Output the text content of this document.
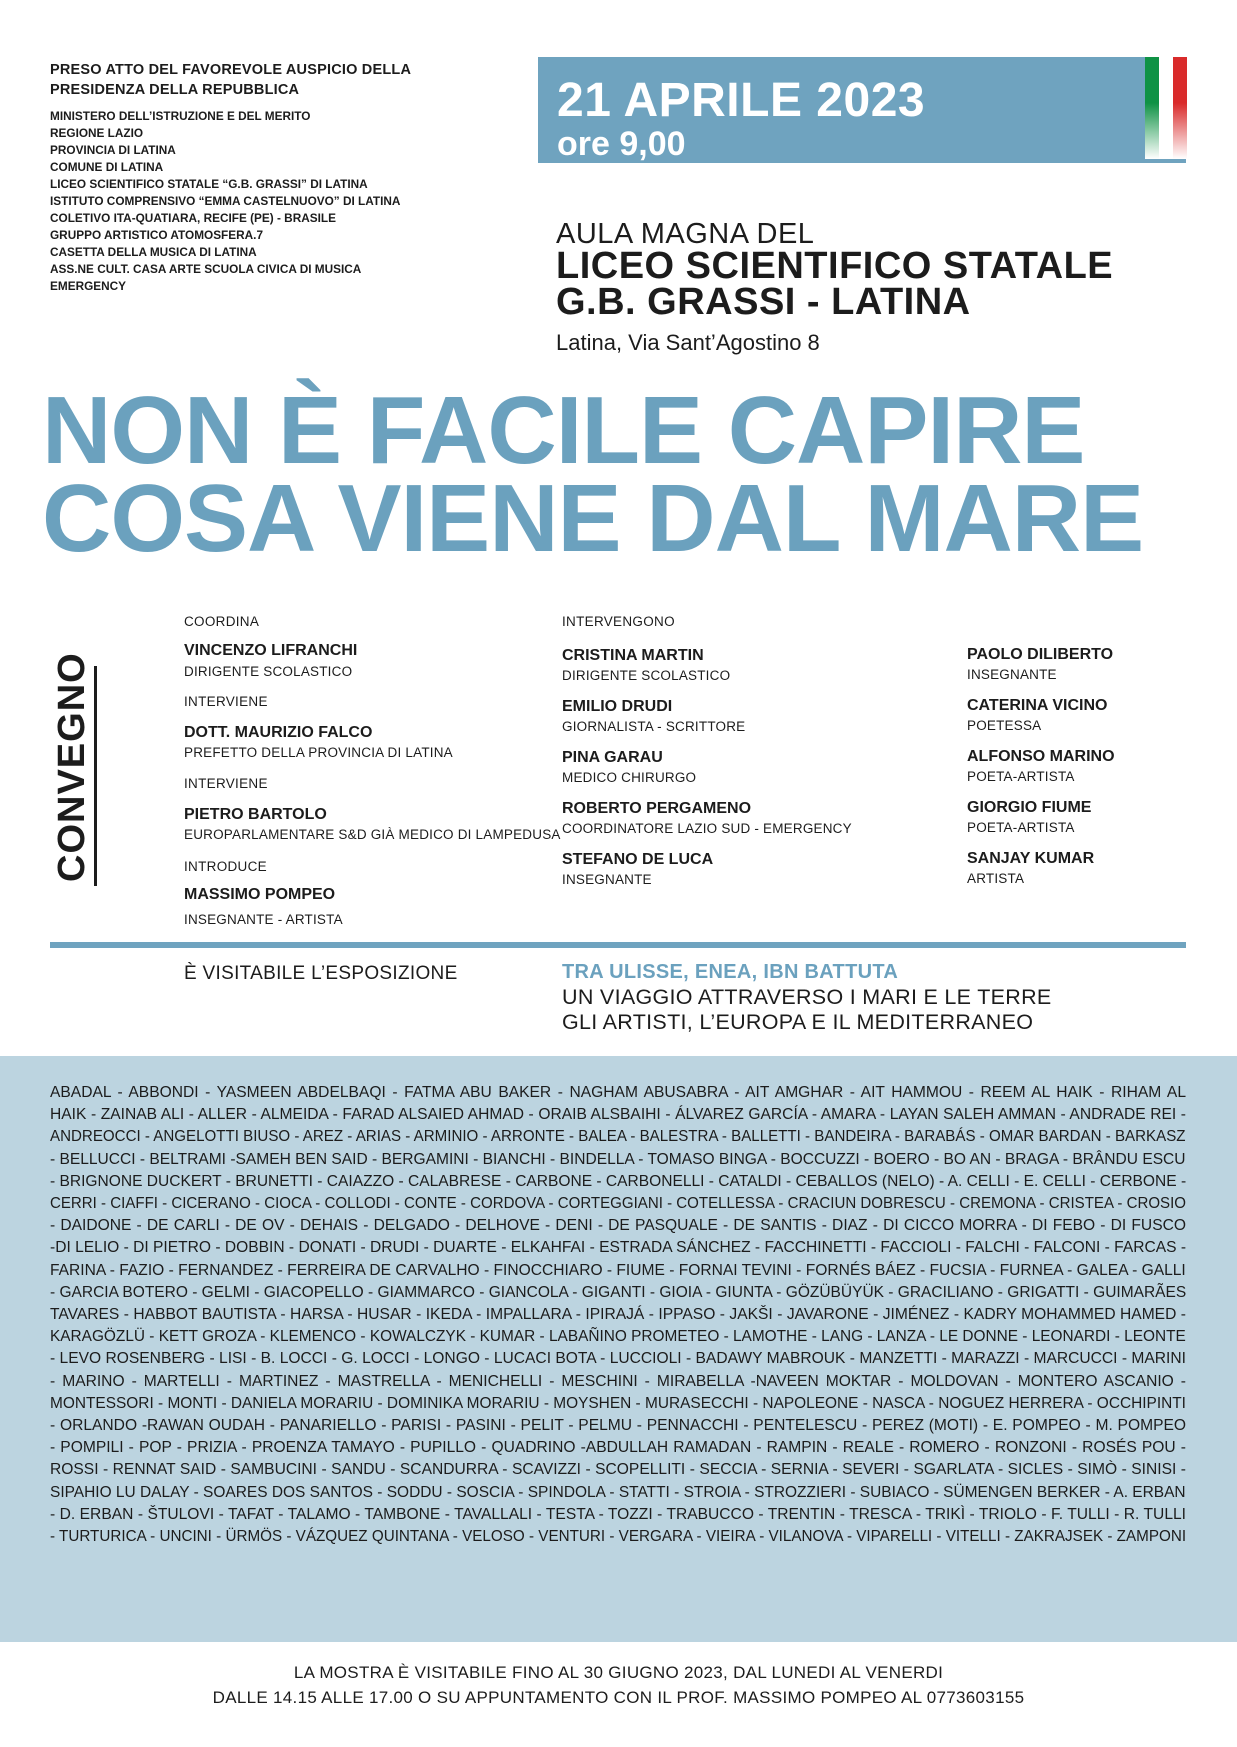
PRESO ATTO DEL FAVOREVOLE AUSPICIO DELLA
PRESIDENZA DELLA REPUBBLICA
MINISTERO DELL’ISTRUZIONE E DEL MERITO
REGIONE LAZIO
PROVINCIA DI LATINA
COMUNE DI LATINA
LICEO SCIENTIFICO STATALE “G.B. GRASSI” DI LATINA
ISTITUTO COMPRENSIVO “EMMA CASTELNUOVO” DI LATINA
COLETIVO ITA-QUATIARA, RECIFE (PE) - BRASILE
GRUPPO ARTISTICO ATOMOSFERA.7
CASETTA DELLA MUSICA DI LATINA
ASS.NE CULT. CASA ARTE SCUOLA CIVICA DI MUSICA
EMERGENCY
21 APRILE 2023
ore 9,00
AULA MAGNA DEL
LICEO SCIENTIFICO STATALE
G.B. GRASSI - LATINA
Latina, Via Sant’Agostino 8
NON È FACILE CAPIRE
COSA VIENE DAL MARE
CONVEGNO
COORDINA
VINCENZO LIFRANCHI
DIRIGENTE SCOLASTICO
INTERVIENE
DOTT. MAURIZIO FALCO
PREFETTO DELLA PROVINCIA DI LATINA
INTERVIENE
PIETRO BARTOLO
EUROPARLAMENTARE S&D GIÀ MEDICO DI LAMPEDUSA
INTRODUCE
MASSIMO POMPEO
INSEGNANTE - ARTISTA
INTERVENGONO
CRISTINA MARTIN
DIRIGENTE SCOLASTICO
EMILIO DRUDI
GIORNALISTA - SCRITTORE
PINA GARAU
MEDICO CHIRURGO
ROBERTO PERGAMENO
COORDINATORE LAZIO SUD - EMERGENCY
STEFANO DE LUCA
INSEGNANTE
PAOLO DILIBERTO
INSEGNANTE
CATERINA VICINO
POETESSA
ALFONSO MARINO
POETA-ARTISTA
GIORGIO FIUME
POETA-ARTISTA
SANJAY KUMAR
ARTISTA
È VISITABILE L’ESPOSIZIONE	TRA ULISSE, ENEA, IBN BATTUTA
UN VIAGGIO ATTRAVERSO I MARI E LE TERRE
GLI ARTISTI, L’EUROPA E IL MEDITERRANEO
ABADAL - ABBONDI - YASMEEN ABDELBAQI - FATMA ABU BAKER - NAGHAM ABUSABRA - AIT AMGHAR - AIT HAMMOU - REEM AL HAIK - RIHAM AL
HAIK - ZAINAB ALI - ALLER - ALMEIDA - FARAD ALSAIED AHMAD - ORAIB ALSBAIHI - ÁLVAREZ GARCÍA - AMARA - LAYAN SALEH AMMAN - ANDRADE REI -
ANDREOCCI - ANGELOTTI BIUSO - AREZ - ARIAS - ARMINIO - ARRONTE - BALEA - BALESTRA - BALLETTI - BANDEIRA - BARABÁS - OMAR BARDAN - BARKASZ
- BELLUCCI - BELTRAMI -SAMEH BEN SAID - BERGAMINI - BIANCHI - BINDELLA - TOMASO BINGA - BOCCUZZI - BOERO - BO AN - BRAGA - BRÂNDU ESCU
- BRIGNONE DUCKERT - BRUNETTI - CAIAZZO - CALABRESE - CARBONE - CARBONELLI - CATALDI - CEBALLOS (NELO) - A. CELLI - E. CELLI - CERBONE -
CERRI - CIAFFI - CICERANO - CIOCA - COLLODI - CONTE - CORDOVA - CORTEGGIANI - COTELLESSA - CRACIUN DOBRESCU - CREMONA - CRISTEA - CROSIO
- DAIDONE - DE CARLI - DE OV - DEHAIS - DELGADO - DELHOVE - DENI - DE PASQUALE - DE SANTIS - DIAZ - DI CICCO MORRA - DI FEBO - DI FUSCO
-DI LELIO - DI PIETRO - DOBBIN - DONATI - DRUDI - DUARTE - ELKAHFAI - ESTRADA SÁNCHEZ - FACCHINETTI - FACCIOLI - FALCHI - FALCONI - FARCAS -
FARINA - FAZIO - FERNANDEZ - FERREIRA DE CARVALHO - FINOCCHIARO - FIUME - FORNAI TEVINI - FORNÉS BÁEZ - FUCSIA - FURNEA - GALEA - GALLI
- GARCIA BOTERO - GELMI - GIACOPELLO - GIAMMARCO - GIANCOLA - GIGANTI - GIOIA - GIUNTA - GÖZÜBÜYÜK - GRACILIANO - GRIGATTI - GUIMARÃES
TAVARES - HABBOT BAUTISTA - HARSA - HUSAR - IKEDA - IMPALLARA - IPIRAJÁ - IPPASO - JAKŠI - JAVARONE - JIMÉNEZ - KADRY MOHAMMED HAMED -
KARAGÖZLÜ - KETT GROZA - KLEMENCO - KOWALCZYK - KUMAR - LABAÑINO PROMETEO - LAMOTHE - LANG - LANZA - LE DONNE - LEONARDI - LEONTE
- LEVO ROSENBERG - LISI - B. LOCCI - G. LOCCI - LONGO - LUCACI BOTA - LUCCIOLI - BADAWY MABROUK - MANZETTI - MARAZZI - MARCUCCI - MARINI
- MARINO - MARTELLI - MARTINEZ - MASTRELLA - MENICHELLI - MESCHINI - MIRABELLA -NAVEEN MOKTAR - MOLDOVAN - MONTERO ASCANIO -
MONTESSORI - MONTI - DANIELA MORARIU - DOMINIKA MORARIU - MOYSHEN - MURASECCHI - NAPOLEONE - NASCA - NOGUEZ HERRERA - OCCHIPINTI
- ORLANDO -RAWAN OUDAH - PANARIELLO - PARISI - PASINI - PELIT - PELMU - PENNACCHI - PENTELESCU - PEREZ (MOTI) - E. POMPEO - M. POMPEO
- POMPILI - POP - PRIZIA - PROENZA TAMAYO - PUPILLO - QUADRINO -ABDULLAH RAMADAN - RAMPIN - REALE - ROMERO - RONZONI - ROSÉS POU -
ROSSI - RENNAT SAID - SAMBUCINI - SANDU - SCANDURRA - SCAVIZZI - SCOPELLITI - SECCIA - SERNIA - SEVERI - SGARLATA - SICLES - SIMÒ - SINISI -
SIPAHIO LU DALAY - SOARES DOS SANTOS - SODDU - SOSCIA - SPINDOLA - STATTI - STROIA - STROZZIERI - SUBIACO - SÜMENGEN BERKER - A. ERBAN
- D. ERBAN - ŠTULOVI - TAFAT - TALAMO - TAMBONE - TAVALLALI - TESTA - TOZZI - TRABUCCO - TRENTIN - TRESCA - TRIKÌ - TRIOLO - F. TULLI - R. TULLI
- TURTURICA - UNCINI - ÜRMÖS - VÁZQUEZ QUINTANA - VELOSO - VENTURI - VERGARA - VIEIRA - VILANOVA - VIPARELLI - VITELLI - ZAKRAJSEK - ZAMPONI
LA MOSTRA È VISITABILE FINO AL 30 GIUGNO 2023, DAL LUNEDI AL VENERDI
DALLE 14.15 ALLE 17.00 O SU APPUNTAMENTO CON IL PROF. MASSIMO POMPEO AL 0773603155
